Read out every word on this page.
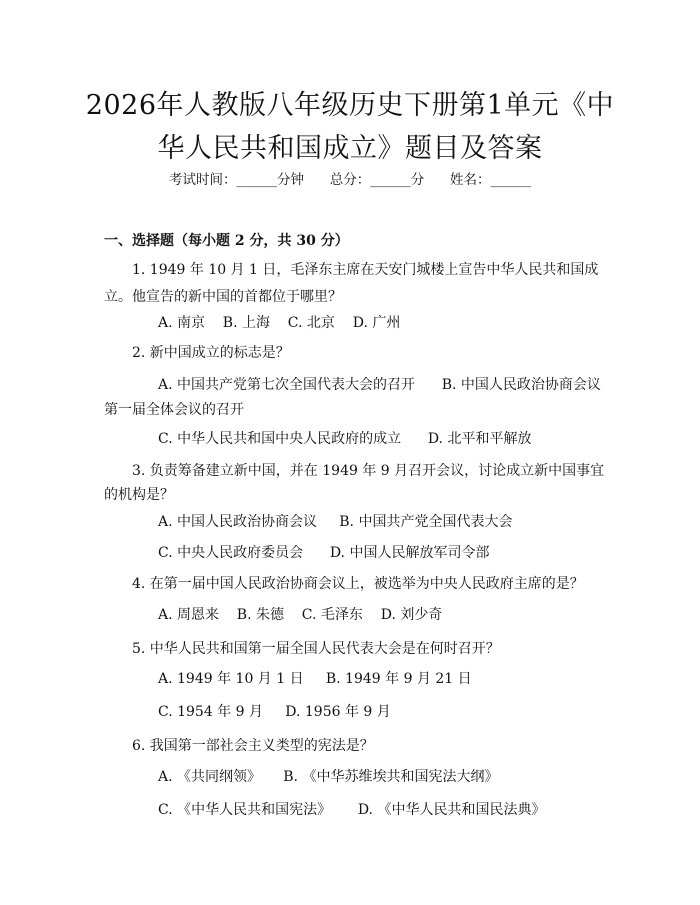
2026年人教版八年级历史下册第1单元《中
华人民共和国成立》题目及答案
考试时间：______分钟      总分：______分      姓名：______
一、选择题（每小题 2 分，共 30 分）
1. 1949 年 10 月 1 日，毛泽东主席在天安门城楼上宣告中华人民共和国成
立。他宣告的新中国的首都位于哪里？
A. 南京    B. 上海    C. 北京    D. 广州
2. 新中国成立的标志是？
A. 中国共产党第七次全国代表大会的召开      B. 中国人民政治协商会议
第一届全体会议的召开
C. 中华人民共和国中央人民政府的成立      D. 北平和平解放
3. 负责筹备建立新中国，并在 1949 年 9 月召开会议，讨论成立新中国事宜
的机构是？
A. 中国人民政治协商会议     B. 中国共产党全国代表大会
C. 中央人民政府委员会      D. 中国人民解放军司令部
4. 在第一届中国人民政治协商会议上，被选举为中央人民政府主席的是？
A. 周恩来    B. 朱德    C. 毛泽东    D. 刘少奇
5. 中华人民共和国第一届全国人民代表大会是在何时召开？
A. 1949 年 10 月 1 日     B. 1949 年 9 月 21 日
C. 1954 年 9 月     D. 1956 年 9 月
6. 我国第一部社会主义类型的宪法是？
A. 《共同纲领》     B. 《中华苏维埃共和国宪法大纲》
C. 《中华人民共和国宪法》      D. 《中华人民共和国民法典》
